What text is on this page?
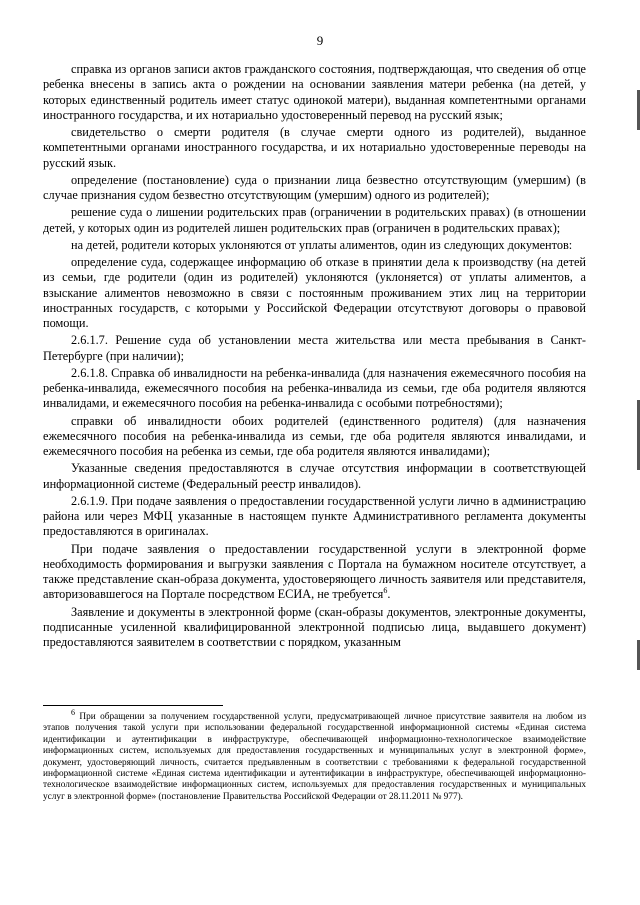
9

справка из органов записи актов гражданского состояния, подтверждающая, что сведения об отце ребенка внесены в запись акта о рождении на основании заявления матери ребенка (на детей, у которых единственный родитель имеет статус одинокой матери), выданная компетентными органами иностранного государства, и их нотариально удостоверенный перевод на русский язык;

свидетельство о смерти родителя (в случае смерти одного из родителей), выданное компетентными органами иностранного государства, и их нотариально удостоверенные переводы на русский язык.

определение (постановление) суда о признании лица безвестно отсутствующим (умершим) (в случае признания судом безвестно отсутствующим (умершим) одного из родителей);

решение суда о лишении родительских прав (ограничении в родительских правах) (в отношении детей, у которых один из родителей лишен родительских прав (ограничен в родительских правах);

на детей, родители которых уклоняются от уплаты алиментов, один из следующих документов:

определение суда, содержащее информацию об отказе в принятии дела к производству (на детей из семьи, где родители (один из родителей) уклоняются (уклоняется) от уплаты алиментов, а взыскание алиментов невозможно в связи с постоянным проживанием этих лиц на территории иностранных государств, с которыми у Российской Федерации отсутствуют договоры о правовой помощи.

2.6.1.7. Решение суда об установлении места жительства или места пребывания в Санкт-Петербурге (при наличии);

2.6.1.8. Справка об инвалидности на ребенка-инвалида (для назначения ежемесячного пособия на ребенка-инвалида, ежемесячного пособия на ребенка-инвалида из семьи, где оба родителя являются инвалидами, и ежемесячного пособия на ребенка-инвалида с особыми потребностями);

справки об инвалидности обоих родителей (единственного родителя) (для назначения ежемесячного пособия на ребенка-инвалида из семьи, где оба родителя являются инвалидами, и ежемесячного пособия на ребенка из семьи, где оба родителя являются инвалидами);

Указанные сведения предоставляются в случае отсутствия информации в соответствующей информационной системе (Федеральный реестр инвалидов).

2.6.1.9. При подаче заявления о предоставлении государственной услуги лично в администрацию района или через МФЦ указанные в настоящем пункте Административного регламента документы предоставляются в оригиналах.

При подаче заявления о предоставлении государственной услуги в электронной форме необходимость формирования и выгрузки заявления с Портала на бумажном носителе отсутствует, а также представление скан-образа документа, удостоверяющего личность заявителя или представителя, авторизовавшегося на Портале посредством ЕСИА, не требуется$^6$.

Заявление и документы в электронной форме (скан-образы документов, электронные документы, подписанные усиленной квалифицированной электронной подписью лица, выдавшего документ) предоставляются заявителем в соответствии с порядком, указанным

$^6$ При обращении за получением государственной услуги, предусматривающей личное присутствие заявителя на любом из этапов получения такой услуги при использовании федеральной государственной информационной системы «Единая система идентификации и аутентификации в инфраструктуре, обеспечивающей информационно-технологическое взаимодействие информационных систем, используемых для предоставления государственных и муниципальных услуг в электронной форме», документ, удостоверяющий личность, считается предъявленным в соответствии с требованиями к федеральной государственной информационной системе «Единая система идентификации и аутентификации в инфраструктуре, обеспечивающей информационно-технологическое взаимодействие информационных систем, используемых для предоставления государственных и муниципальных услуг в электронной форме» (постановление Правительства Российской Федерации от 28.11.2011 № 977).
